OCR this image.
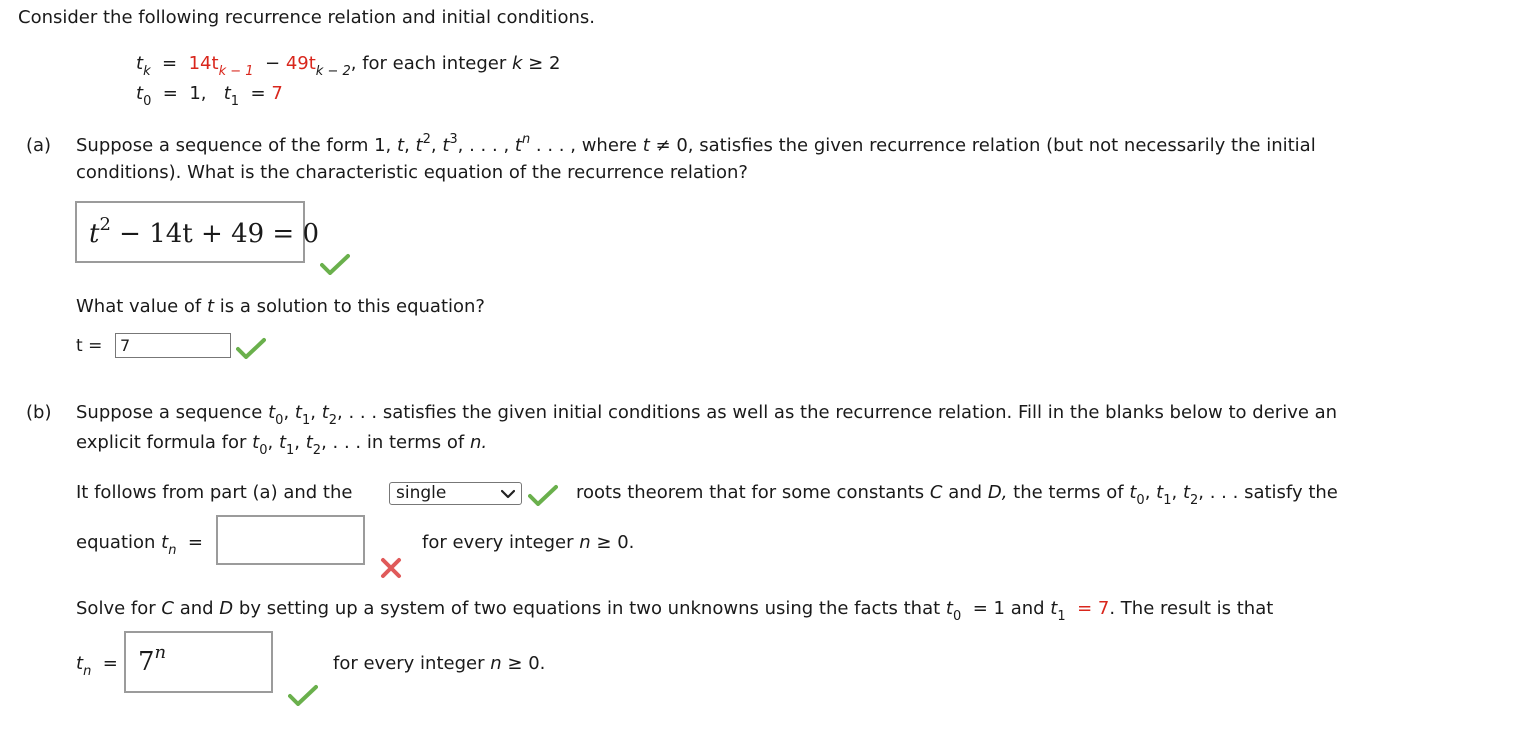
Consider the following recurrence relation and initial conditions.
$t_k = 14t_{k - 1} - 49t_{k - 2}$, for each integer k ≥ 2
$t_0 = 1$, $t_1 = 7$
(a) Suppose a sequence of the form 1, t, $t^2$, $t^3$, . . . , $t^n$ . . . , where t ≠ 0, satisfies the given recurrence relation (but not necessarily the initial
conditions). What is the characteristic equation of the recurrence relation?
$t^2 - 14t + 49 = 0$
What value of t is a solution to this equation?
t = 7
(b) Suppose a sequence $t_0$, $t_1$, $t_2$, . . . satisfies the given initial conditions as well as the recurrence relation. Fill in the blanks below to derive an
explicit formula for $t_0$, $t_1$, $t_2$, . . . in terms of n.
It follows from part (a) and the	single	roots theorem that for some constants C and D, the terms of $t_0$, $t_1$, $t_2$, . . . satisfy the
equation $t_n$ =	for every integer n ≥ 0.
Solve for C and D by setting up a system of two equations in two unknowns using the facts that $t_0 = 1$ and $t_1 = 7$. The result is that
$t_n = 7^n$
for every integer n ≥ 0.
